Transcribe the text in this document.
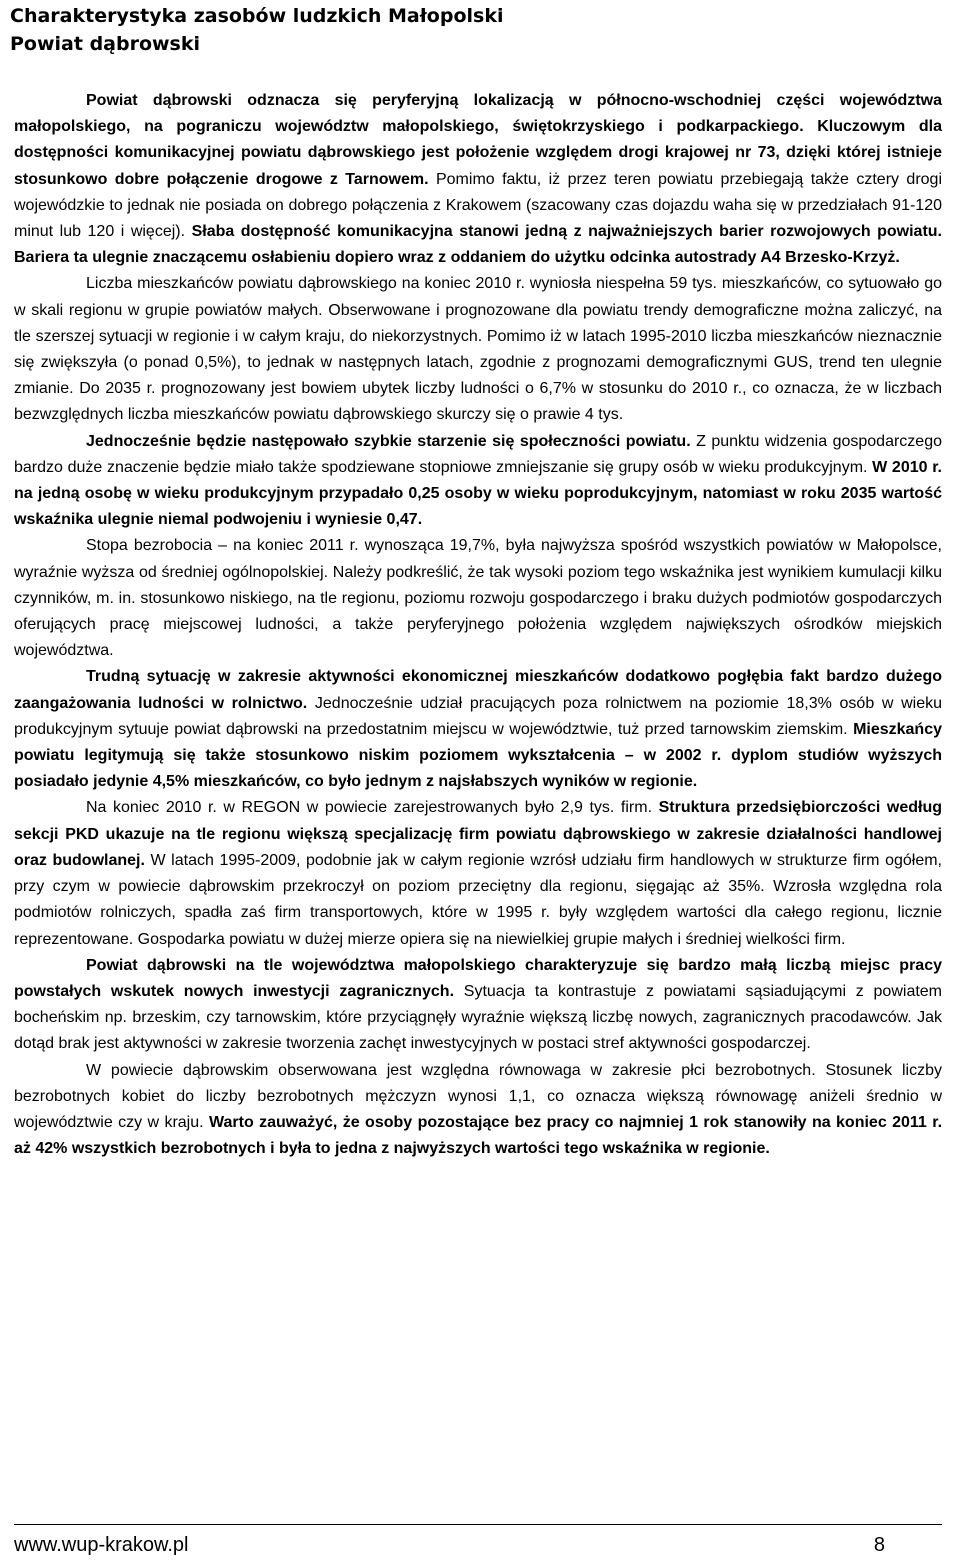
Charakterystyka zasobów ludzkich Małopolski
Powiat dąbrowski

Powiat dąbrowski odznacza się peryferyjną lokalizacją w północno-wschodniej części województwa małopolskiego, na pograniczu województw małopolskiego, świętokrzyskiego i podkarpackiego. Kluczowym dla dostępności komunikacyjnej powiatu dąbrowskiego jest położenie względem drogi krajowej nr 73, dzięki której istnieje stosunkowo dobre połączenie drogowe z Tarnowem. Pomimo faktu, iż przez teren powiatu przebiegają także cztery drogi wojewódzkie to jednak nie posiada on dobrego połączenia z Krakowem (szacowany czas dojazdu waha się w przedziałach 91-120 minut lub 120 i więcej). Słaba dostępność komunikacyjna stanowi jedną z najważniejszych barier rozwojowych powiatu. Bariera ta ulegnie znaczącemu osłabieniu dopiero wraz z oddaniem do użytku odcinka autostrady A4 Brzesko-Krzyż.

Liczba mieszkańców powiatu dąbrowskiego na koniec 2010 r. wyniosła niespełna 59 tys. mieszkańców, co sytuowało go w skali regionu w grupie powiatów małych. Obserwowane i prognozowane dla powiatu trendy demograficzne można zaliczyć, na tle szerszej sytuacji w regionie i w całym kraju, do niekorzystnych. Pomimo iż w latach 1995-2010 liczba mieszkańców nieznacznie się zwiększyła (o ponad 0,5%), to jednak w następnych latach, zgodnie z prognozami demograficznymi GUS, trend ten ulegnie zmianie. Do 2035 r. prognozowany jest bowiem ubytek liczby ludności o 6,7% w stosunku do 2010 r., co oznacza, że w liczbach bezwzględnych liczba mieszkańców powiatu dąbrowskiego skurczy się o prawie 4 tys.

Jednocześnie będzie następowało szybkie starzenie się społeczności powiatu. Z punktu widzenia gospodarczego bardzo duże znaczenie będzie miało także spodziewane stopniowe zmniejszanie się grupy osób w wieku produkcyjnym. W 2010 r. na jedną osobę w wieku produkcyjnym przypadało 0,25 osoby w wieku poprodukcyjnym, natomiast w roku 2035 wartość wskaźnika ulegnie niemal podwojeniu i wyniesie 0,47.

Stopa bezrobocia – na koniec 2011 r. wynosząca 19,7%, była najwyższa spośród wszystkich powiatów w Małopolsce, wyraźnie wyższa od średniej ogólnopolskiej. Należy podkreślić, że tak wysoki poziom tego wskaźnika jest wynikiem kumulacji kilku czynników, m. in. stosunkowo niskiego, na tle regionu, poziomu rozwoju gospodarczego i braku dużych podmiotów gospodarczych oferujących pracę miejscowej ludności, a także peryferyjnego położenia względem największych ośrodków miejskich województwa.

Trudną sytuację w zakresie aktywności ekonomicznej mieszkańców dodatkowo pogłębia fakt bardzo dużego zaangażowania ludności w rolnictwo. Jednocześnie udział pracujących poza rolnictwem na poziomie 18,3% osób w wieku produkcyjnym sytuuje powiat dąbrowski na przedostatnim miejscu w województwie, tuż przed tarnowskim ziemskim. Mieszkańcy powiatu legitymują się także stosunkowo niskim poziomem wykształcenia – w 2002 r. dyplom studiów wyższych posiadało jedynie 4,5% mieszkańców, co było jednym z najsłabszych wyników w regionie.

Na koniec 2010 r. w REGON w powiecie zarejestrowanych było 2,9 tys. firm. Struktura przedsiębiorczości według sekcji PKD ukazuje na tle regionu większą specjalizację firm powiatu dąbrowskiego w zakresie działalności handlowej oraz budowlanej. W latach 1995-2009, podobnie jak w całym regionie wzrósł udziału firm handlowych w strukturze firm ogółem, przy czym w powiecie dąbrowskim przekroczył on poziom przeciętny dla regionu, sięgając aż 35%. Wzrosła względna rola podmiotów rolniczych, spadła zaś firm transportowych, które w 1995 r. były względem wartości dla całego regionu, licznie reprezentowane. Gospodarka powiatu w dużej mierze opiera się na niewielkiej grupie małych i średniej wielkości firm.

Powiat dąbrowski na tle województwa małopolskiego charakteryzuje się bardzo małą liczbą miejsc pracy powstałych wskutek nowych inwestycji zagranicznych. Sytuacja ta kontrastuje z powiatami sąsiadującymi z powiatem bocheńskim np. brzeskim, czy tarnowskim, które przyciągnęły wyraźnie większą liczbę nowych, zagranicznych pracodawców. Jak dotąd brak jest aktywności w zakresie tworzenia zachęt inwestycyjnych w postaci stref aktywności gospodarczej.

W powiecie dąbrowskim obserwowana jest względna równowaga w zakresie płci bezrobotnych. Stosunek liczby bezrobotnych kobiet do liczby bezrobotnych mężczyzn wynosi 1,1, co oznacza większą równowagę aniżeli średnio w województwie czy w kraju. Warto zauważyć, że osoby pozostające bez pracy co najmniej 1 rok stanowiły na koniec 2011 r. aż 42% wszystkich bezrobotnych i była to jedna z najwyższych wartości tego wskaźnika w regionie.

www.wup-krakow.pl	8
